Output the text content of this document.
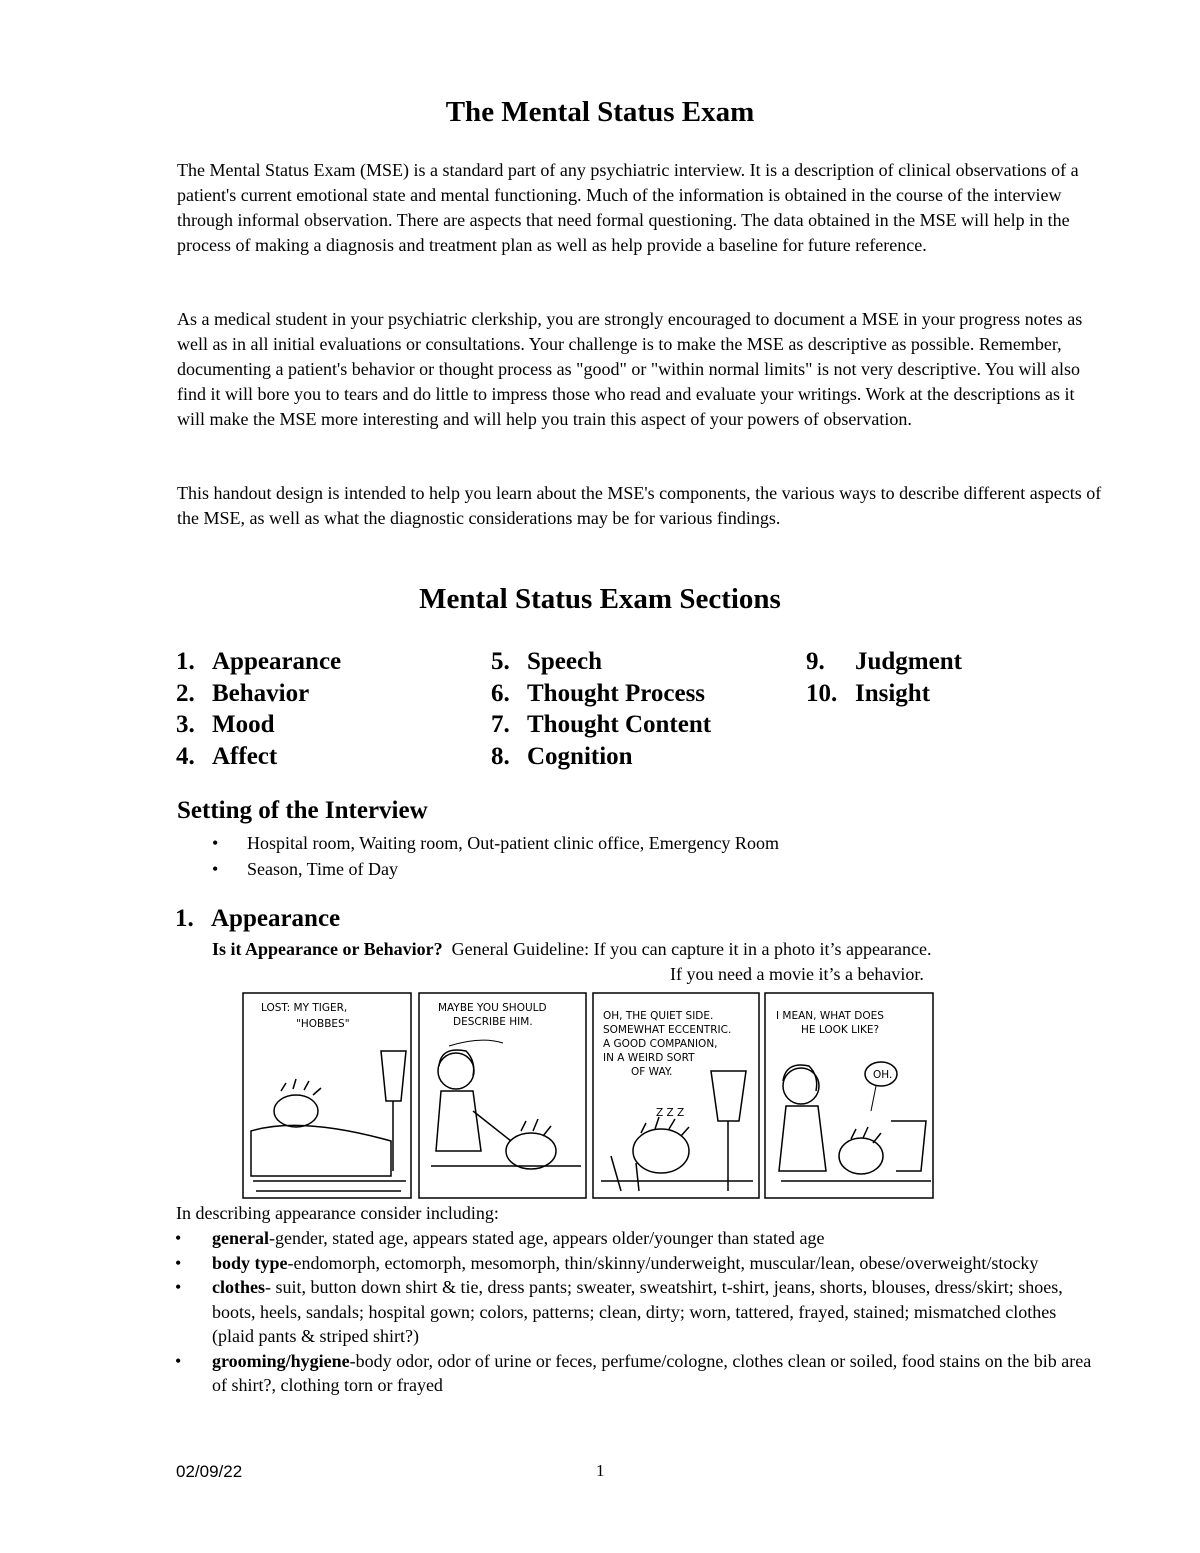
The Mental Status Exam

The Mental Status Exam (MSE) is a standard part of any psychiatric interview. It is a description of clinical observations of a patient's current emotional state and mental functioning. Much of the information is obtained in the course of the interview through informal observation. There are aspects that need formal questioning. The data obtained in the MSE will help in the process of making a diagnosis and treatment plan as well as help provide a baseline for future reference.

As a medical student in your psychiatric clerkship, you are strongly encouraged to document a MSE in your progress notes as well as in all initial evaluations or consultations. Your challenge is to make the MSE as descriptive as possible. Remember, documenting a patient's behavior or thought process as "good" or "within normal limits" is not very descriptive. You will also find it will bore you to tears and do little to impress those who read and evaluate your writings. Work at the descriptions as it will make the MSE more interesting and will help you train this aspect of your powers of observation.

This handout design is intended to help you learn about the MSE's components, the various ways to describe different aspects of the MSE, as well as what the diagnostic considerations may be for various findings.

Mental Status Exam Sections
1. Appearance
2. Behavior
3. Mood
4. Affect
5. Speech
6. Thought Process
7. Thought Content
8. Cognition
9. Judgment
10. Insight
Setting of the Interview
• Hospital room, Waiting room, Out-patient clinic office, Emergency Room
• Season, Time of Day
1. Appearance
Is it Appearance or Behavior?  General Guideline: If you can capture it in a photo it’s appearance.
If you need a movie it’s a behavior.
LOST: MY TIGER,
"HOBBES"
MAYBE YOU SHOULD
DESCRIBE HIM.	OH, THE QUIET SIDE.
SOMEWHAT ECCENTRIC.
A GOOD COMPANION,
IN A WEIRD SORT
OF WAY.
Z Z Z
I MEAN, WHAT DOES
HE LOOK LIKE?
OH.
In describing appearance consider including:
• general-gender, stated age, appears stated age, appears older/younger than stated age
• body type-endomorph, ectomorph, mesomorph, thin/skinny/underweight, muscular/lean, obese/overweight/stocky
• clothes- suit, button down shirt & tie, dress pants; sweater, sweatshirt, t-shirt, jeans, shorts, blouses, dress/skirt; shoes, boots, heels, sandals; hospital gown; colors, patterns; clean, dirty; worn, tattered, frayed, stained; mismatched clothes (plaid pants & striped shirt?)
• grooming/hygiene-body odor, odor of urine or feces, perfume/cologne, clothes clean or soiled, food stains on the bib area of shirt?, clothing torn or frayed
02/09/22	1
